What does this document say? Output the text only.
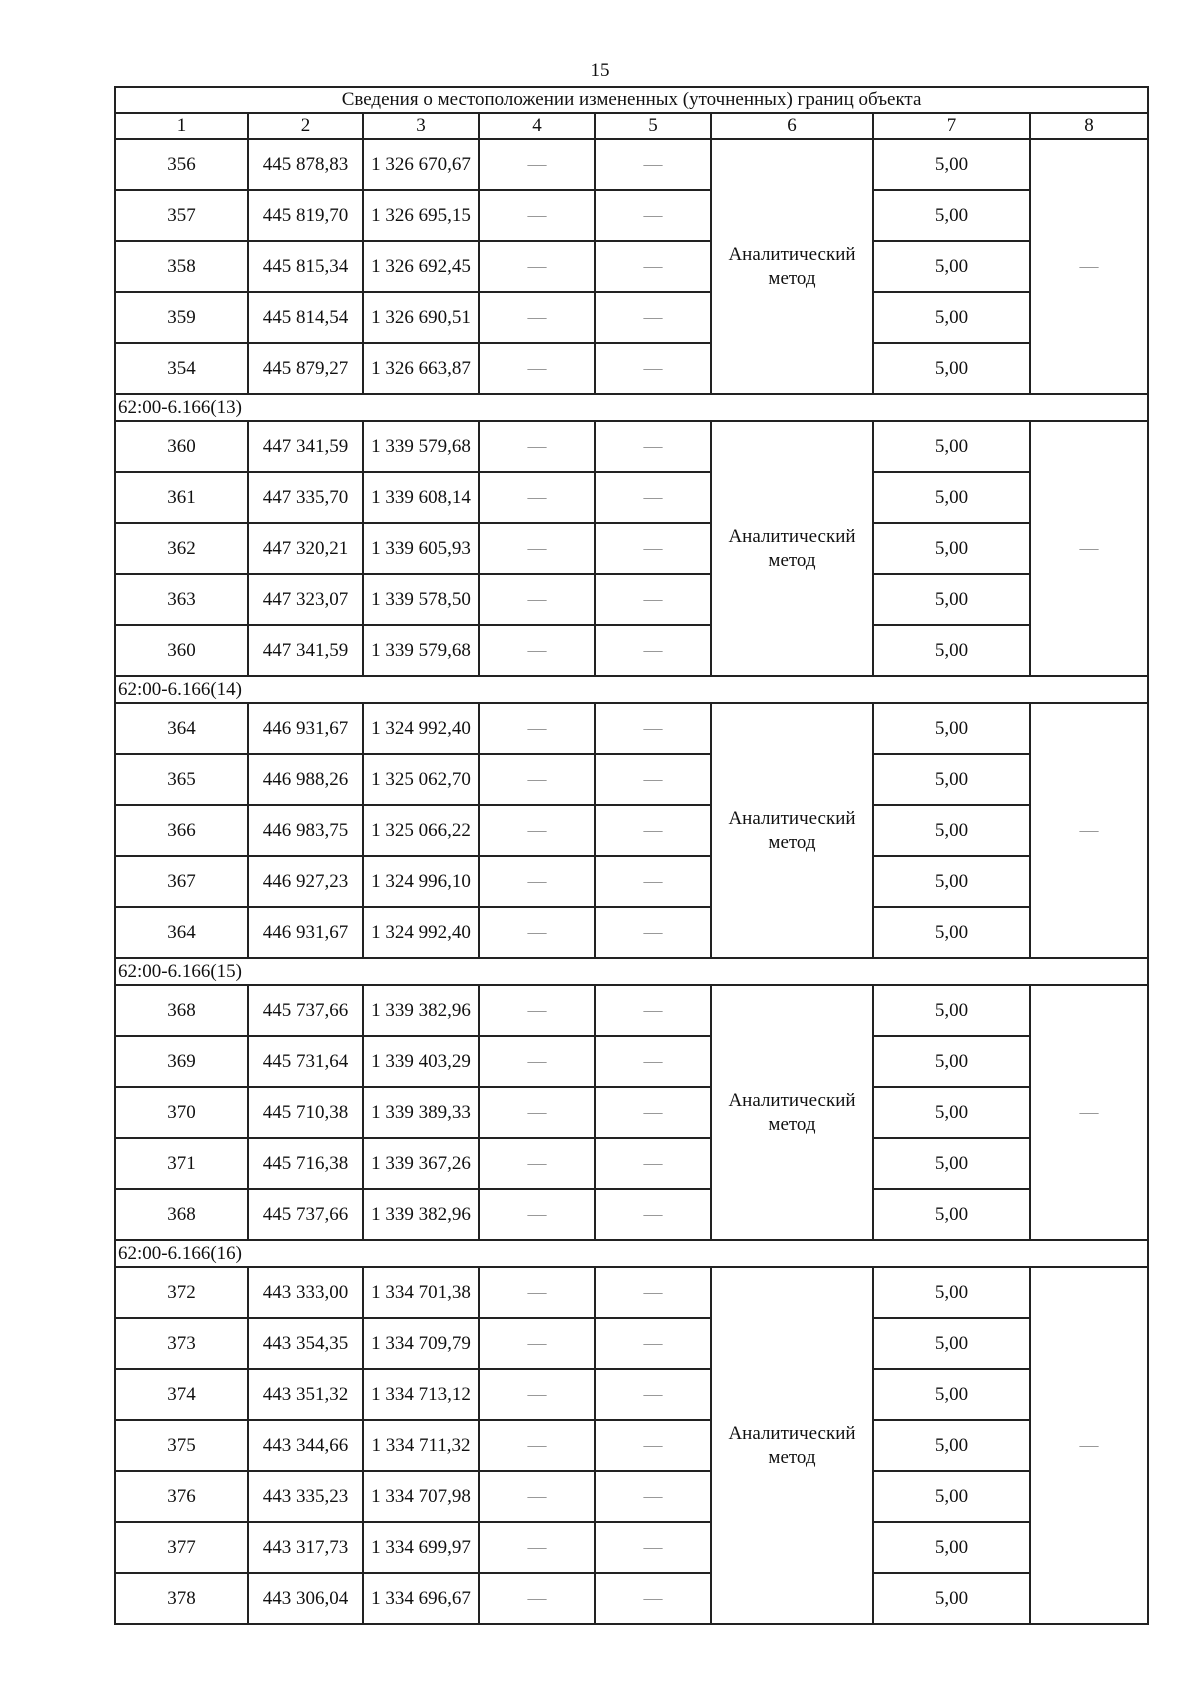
15
Сведения о местоположении измененных (уточненных) границ объекта							
1	2	3	4	5	6	7	8
356	445 878,83	1 326 670,67	—	—	Аналитический метод	5,00	—
357	445 819,70	1 326 695,15	—	—		5,00	
358	445 815,34	1 326 692,45	—	—		5,00	
359	445 814,54	1 326 690,51	—	—		5,00	
354	445 879,27	1 326 663,87	—	—		5,00	
62:00-6.166(13)							
360	447 341,59	1 339 579,68	—	—	Аналитический метод	5,00	—
361	447 335,70	1 339 608,14	—	—		5,00	
362	447 320,21	1 339 605,93	—	—		5,00	
363	447 323,07	1 339 578,50	—	—		5,00	
360	447 341,59	1 339 579,68	—	—		5,00	
62:00-6.166(14)							
364	446 931,67	1 324 992,40	—	—	Аналитический метод	5,00	—
365	446 988,26	1 325 062,70	—	—		5,00	
366	446 983,75	1 325 066,22	—	—		5,00	
367	446 927,23	1 324 996,10	—	—		5,00	
364	446 931,67	1 324 992,40	—	—		5,00	
62:00-6.166(15)							
368	445 737,66	1 339 382,96	—	—	Аналитический метод	5,00	—
369	445 731,64	1 339 403,29	—	—		5,00	
370	445 710,38	1 339 389,33	—	—		5,00	
371	445 716,38	1 339 367,26	—	—		5,00	
368	445 737,66	1 339 382,96	—	—		5,00	
62:00-6.166(16)							
372	443 333,00	1 334 701,38	—	—	Аналитический метод	5,00	—
373	443 354,35	1 334 709,79	—	—		5,00	
374	443 351,32	1 334 713,12	—	—		5,00	
375	443 344,66	1 334 711,32	—	—		5,00	
376	443 335,23	1 334 707,98	—	—		5,00	
377	443 317,73	1 334 699,97	—	—		5,00	
378	443 306,04	1 334 696,67	—	—		5,00	
